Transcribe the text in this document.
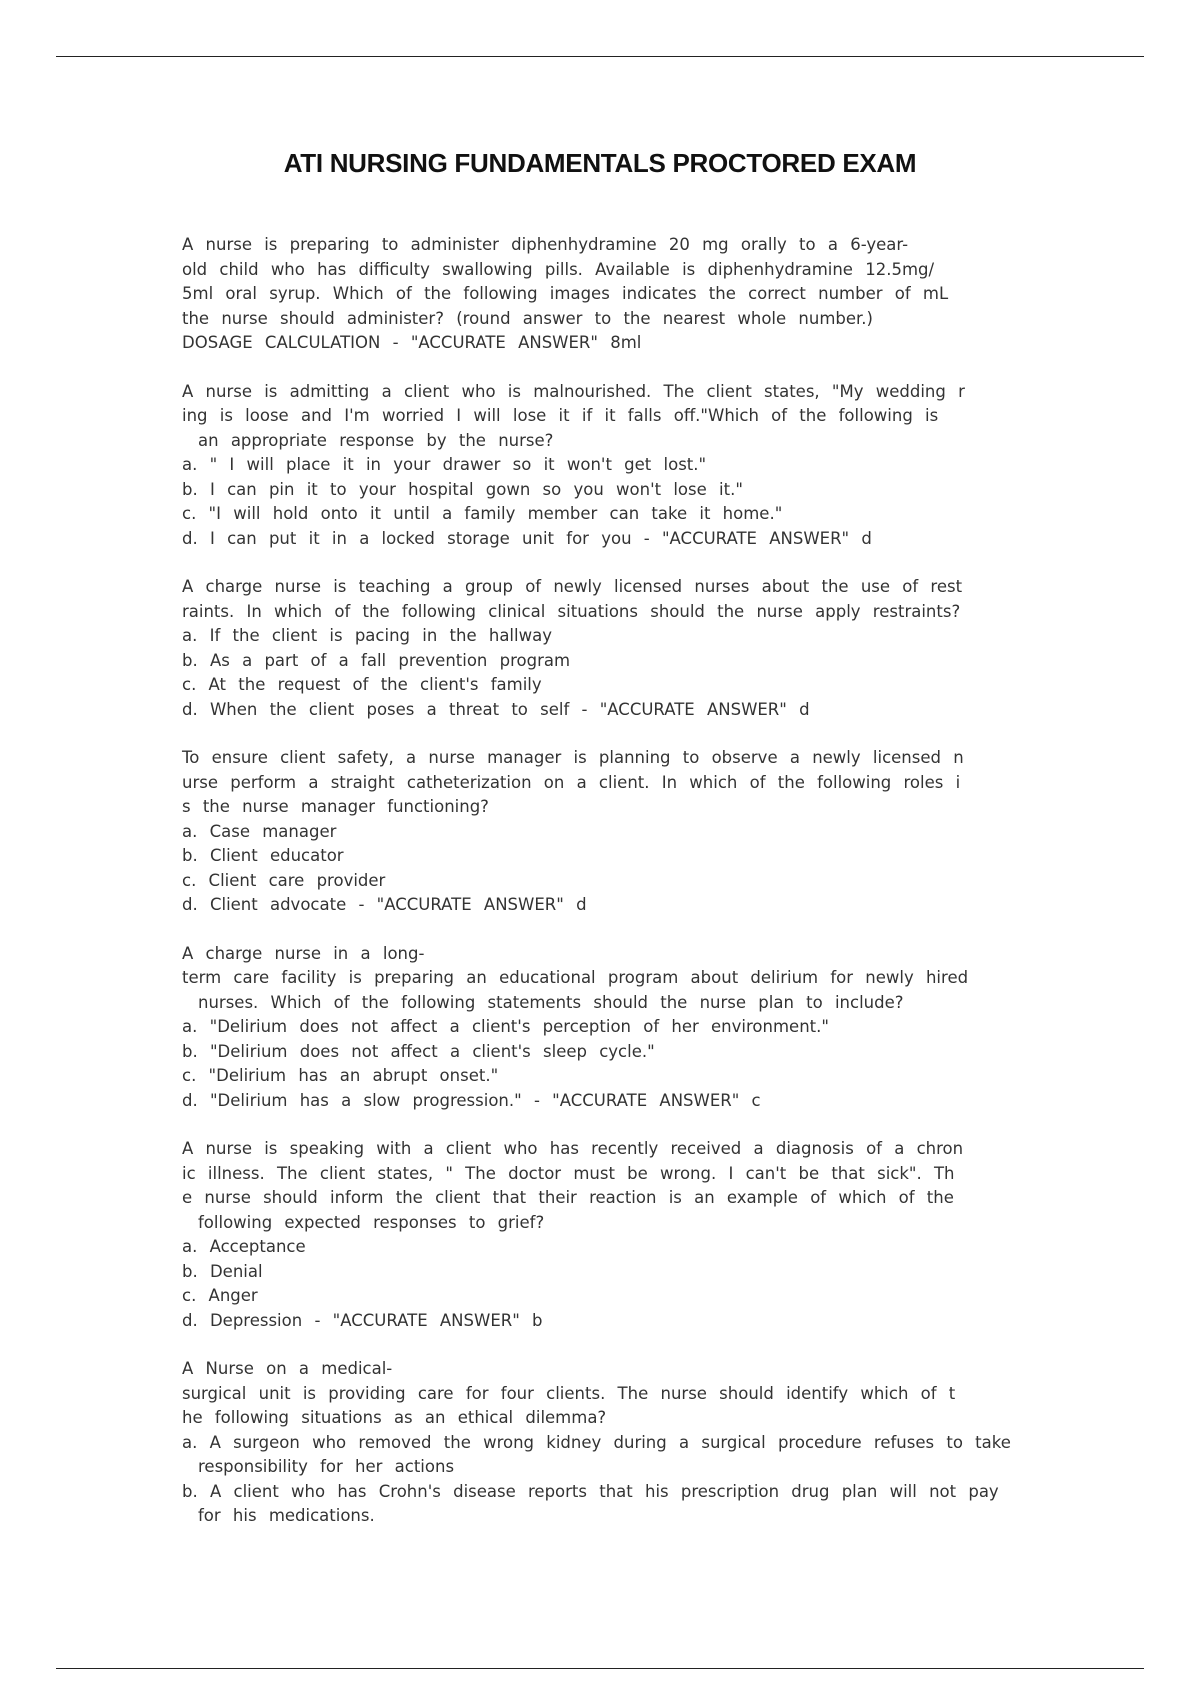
ATI NURSING FUNDAMENTALS PROCTORED EXAM

A nurse is preparing to administer diphenhydramine 20 mg orally to a 6-year-

old child who has difficulty swallowing pills. Available is diphenhydramine 12.5mg/

5ml oral syrup. Which of the following images indicates the correct number of mL

the nurse should administer? (round answer to the nearest whole number.)

DOSAGE CALCULATION - "ACCURATE ANSWER" 8ml

A nurse is admitting a client who is malnourished. The client states, "My wedding r

ing is loose and I'm worried I will lose it if it falls off."Which of the following is

an appropriate response by the nurse?

a. " I will place it in your drawer so it won't get lost."

b. I can pin it to your hospital gown so you won't lose it."

c. "I will hold onto it until a family member can take it home."

d. I can put it in a locked storage unit for you - "ACCURATE ANSWER" d

A charge nurse is teaching a group of newly licensed nurses about the use of rest

raints. In which of the following clinical situations should the nurse apply restraints?

a. If the client is pacing in the hallway

b. As a part of a fall prevention program

c. At the request of the client's family

d. When the client poses a threat to self - "ACCURATE ANSWER" d

To ensure client safety, a nurse manager is planning to observe a newly licensed n

urse perform a straight catheterization on a client. In which of the following roles i

s the nurse manager functioning?

a. Case manager

b. Client educator

c. Client care provider

d. Client advocate - "ACCURATE ANSWER" d

A charge nurse in a long-

term care facility is preparing an educational program about delirium for newly hired

nurses. Which of the following statements should the nurse plan to include?

a. "Delirium does not affect a client's perception of her environment."

b. "Delirium does not affect a client's sleep cycle."

c. "Delirium has an abrupt onset."

d. "Delirium has a slow progression." - "ACCURATE ANSWER" c

A nurse is speaking with a client who has recently received a diagnosis of a chron

ic illness. The client states, " The doctor must be wrong. I can't be that sick". Th

e nurse should inform the client that their reaction is an example of which of the

following expected responses to grief?

a. Acceptance

b. Denial

c. Anger

d. Depression - "ACCURATE ANSWER" b

A Nurse on a medical-

surgical unit is providing care for four clients. The nurse should identify which of t

he following situations as an ethical dilemma?

a. A surgeon who removed the wrong kidney during a surgical procedure refuses to take responsibility for her actions

b. A client who has Crohn's disease reports that his prescription drug plan will not pay for his medications.
